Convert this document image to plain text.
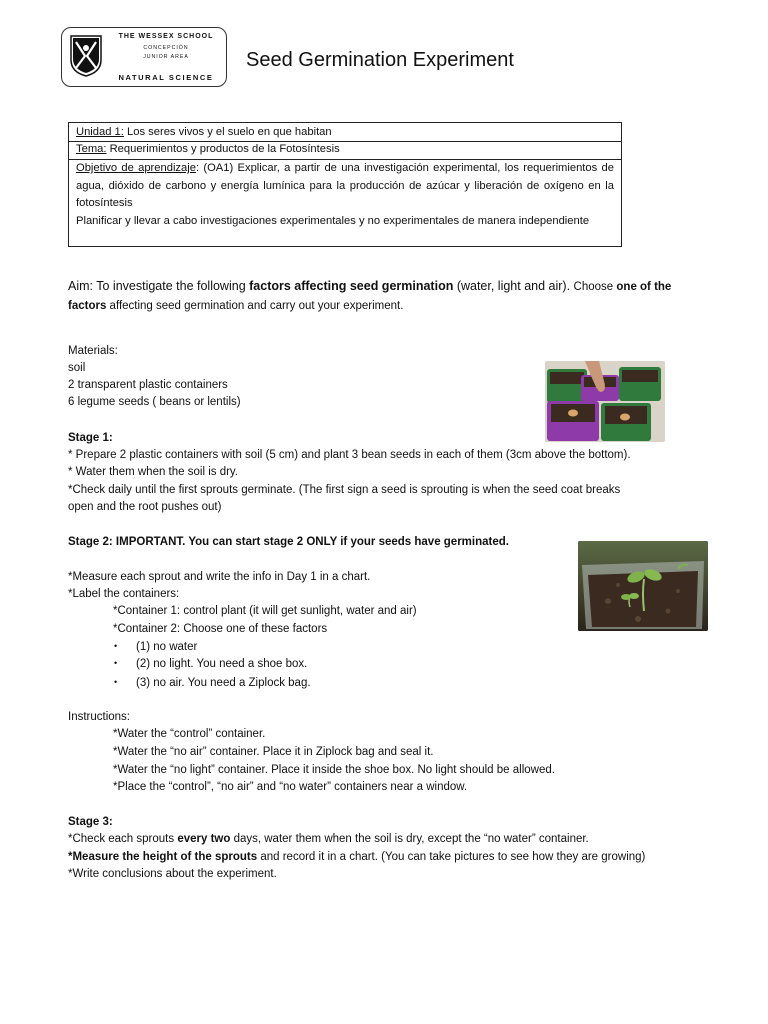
THE WESSEX SCHOOL
CONCEPCIÓN
JUNIOR AREA
NATURAL SCIENCE
Seed Germination Experiment
Unidad 1: Los seres vivos y el suelo en que habitan
Tema: Requerimientos y productos de la Fotosíntesis
Objetivo de aprendizaje: (OA1) Explicar, a partir de una investigación experimental, los requerimientos de agua, dióxido de carbono y energía lumínica para la producción de azúcar y liberación de oxígeno en la fotosíntesis
Planificar y llevar a cabo investigaciones experimentales y no experimentales de manera independiente
Aim: To investigate the following factors affecting seed germination (water, light and air). Choose one of the factors affecting seed germination and carry out your experiment.
Materials:
soil
2 transparent plastic containers
6 legume seeds ( beans or lentils)
Stage 1:
* Prepare 2 plastic containers with soil (5 cm) and plant 3 bean seeds in each of them (3cm above the bottom).
* Water them when the soil is dry.
*Check daily until the first sprouts germinate. (The first sign a seed is sprouting is when the seed coat breaks
open and the root pushes out)
Stage 2: IMPORTANT. You can start stage 2 ONLY if your seeds have germinated.
*Measure each sprout and write the info in Day 1 in a chart.
*Label the containers:
*Container 1: control plant (it will get sunlight, water and air)
*Container 2: Choose one of these factors
• (1) no water
• (2) no light. You need a shoe box.
• (3) no air. You need a Ziplock bag.
Instructions:
*Water the “control” container.
*Water the “no air” container. Place it in Ziplock bag and seal it.
*Water the “no light” container. Place it inside the shoe box. No light should be allowed.
*Place the “control”, “no air” and “no water” containers near a window.
Stage 3:
*Check each sprouts every two days, water them when the soil is dry, except the “no water” container.
*Measure the height of the sprouts and record it in a chart. (You can take pictures to see how they are growing)
*Write conclusions about the experiment.
